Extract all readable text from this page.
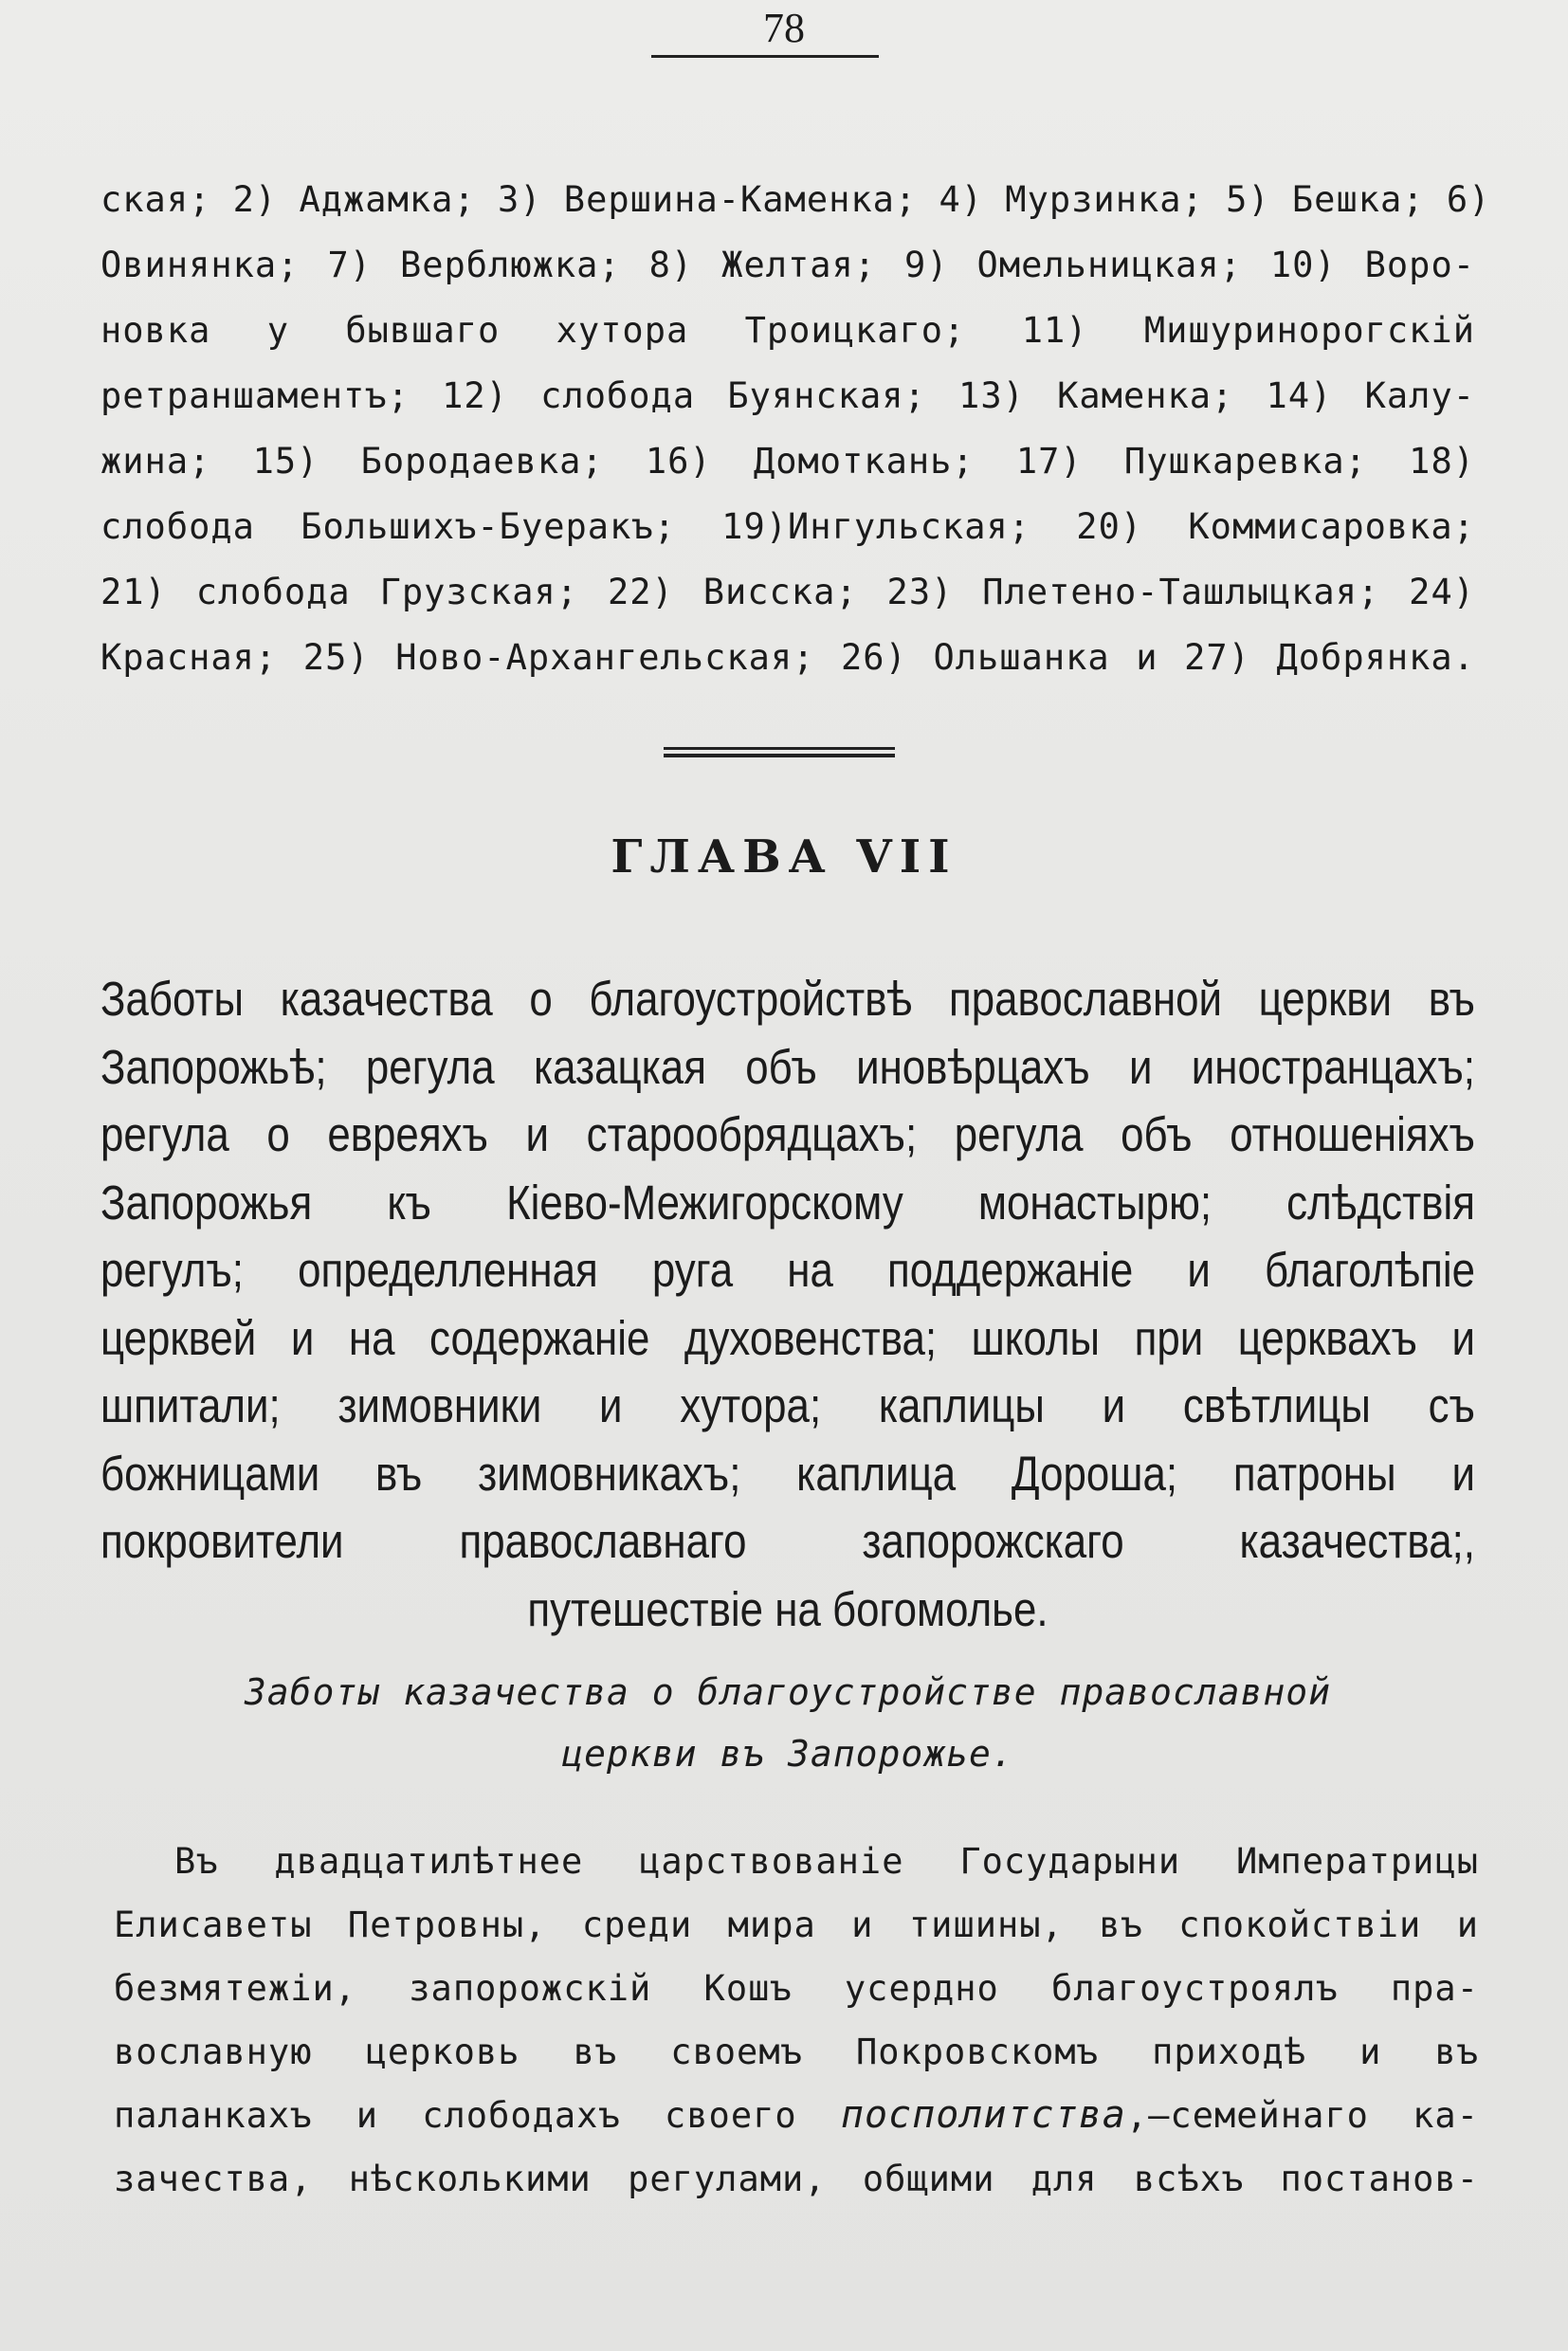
78

ская; 2) Аджамка; 3) Вершина-Каменка; 4) Мурзинка; 5) Бешка; 6)
Овинянка; 7) Верблюжка; 8) Желтая; 9) Омельницкая; 10) Воро-
новка у бывшаго хутора Троицкаго; 11) Мишуринорогскій
ретраншаментъ; 12) слобода Буянская; 13) Каменка; 14) Калу-
жина; 15) Бородаевка; 16) Домоткань; 17) Пушкаревка; 18)
слобода Большихъ-Буеракъ; 19)Ингульская; 20) Коммисаровка;
21) слобода Грузская; 22) Висска; 23) Плетено-Ташлыцкая; 24)
Красная; 25) Ново-Архангельская; 26) Ольшанка и 27) Добрянка.

ГЛАВА VII
Заботы казачества о благоустройствѣ православной церкви въ
Запорожьѣ; регула казацкая объ иновѣрцахъ и иностранцахъ;
регула о евреяхъ и старообрядцахъ; регула объ отношеніяхъ
Запорожья къ Кіево-Межигорскому монастырю; слѣдствія
регулъ; определленная руга на поддержаніе и благолѣпіе
церквей и на содержаніе духовенства; школы при церквахъ и
шпитали; зимовники и хутора; каплицы и свѣтлицы съ
божницами въ зимовникахъ; каплица Дороша; патроны и
покровители православнаго запорожскаго казачества;,
путешествіе на богомолье.
Заботы казачества о благоустройстве православной
церкви въ Запорожье.

Въ двадцатилѣтнее царствованіе Государыни Императрицы
Елисаветы Петровны, среди мира и тишины, въ спокойствіи и
безмятежіи, запорожскій Кошъ усердно благоустроялъ пра-
вославную церковь въ своемъ Покровскомъ приходѣ и въ
паланкахъ и слободахъ своего посполитства,—семейнаго ка-
зачества, нѣсколькими регулами, общими для всѣхъ постанов-
